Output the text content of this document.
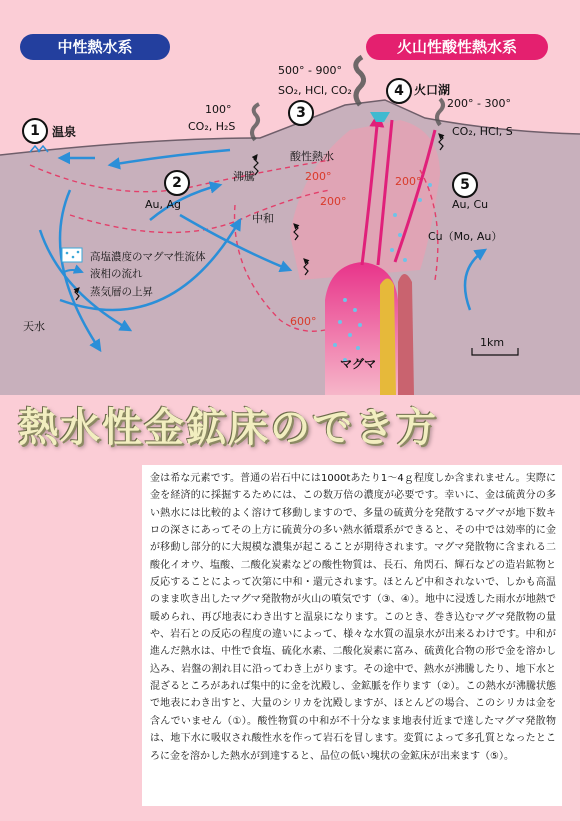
中性熱水系	火山性酸性熱水系
1	温泉
2
Au, Ag
3
500° - 900°
SO₂, HCl, CO₂	4 火口湖
200° - 300°
CO₂, HCl, S
5
Au, Cu
100°
CO₂, H₂S
酸性熱水
沸騰
中和
Cu（Mo, Au）
200°
200°
200°
600°
マグマ
天水
1km
高塩濃度のマグマ性流体
液相の流れ
蒸気層の上昇
熱水性金鉱床のでき方

金は希な元素です。普通の岩石中には1000tあたり1～4ｇ程度しか含まれません。実際に金を経済的に採掘するためには、この数万倍の濃度が必要です。幸いに、金は硫黄分の多い熱水には比較的よく溶けて移動しますので、多量の硫黄分を発散するマグマが地下数キロの深さにあってその上方に硫黄分の多い熱水循環系ができると、その中では効率的に金が移動し部分的に大規模な濃集が起こることが期待されます。マグマ発散物に含まれる二酸化イオウ、塩酸、二酸化炭素などの酸性物質は、長石、角閃石、輝石などの造岩鉱物と反応することによって次第に中和・還元されます。ほとんど中和されないで、しかも高温のまま吹き出したマグマ発散物が火山の噴気です（③、④）。地中に浸透した雨水が地熱で暖められ、再び地表にわき出すと温泉になります。このとき、巻き込むマグマ発散物の量や、岩石との反応の程度の違いによって、様々な水質の温泉水が出来るわけです。中和が進んだ熱水は、中性で食塩、硫化水素、二酸化炭素に富み、硫黄化合物の形で金を溶かし込み、岩盤の割れ目に沿ってわき上がります。その途中で、熱水が沸騰したり、地下水と混ざるところがあれば集中的に金を沈殿し、金鉱脈を作ります（②）。この熱水が沸騰状態で地表にわき出すと、大量のシリカを沈殿しますが、ほとんどの場合、このシリカは金を含んでいません（①）。酸性物質の中和が不十分なまま地表付近まで達したマグマ発散物は、地下水に吸収され酸性水を作って岩石を冒します。変質によって多孔質となったところに金を溶かした熱水が到達すると、品位の低い塊状の金鉱床が出来ます（⑤）。
